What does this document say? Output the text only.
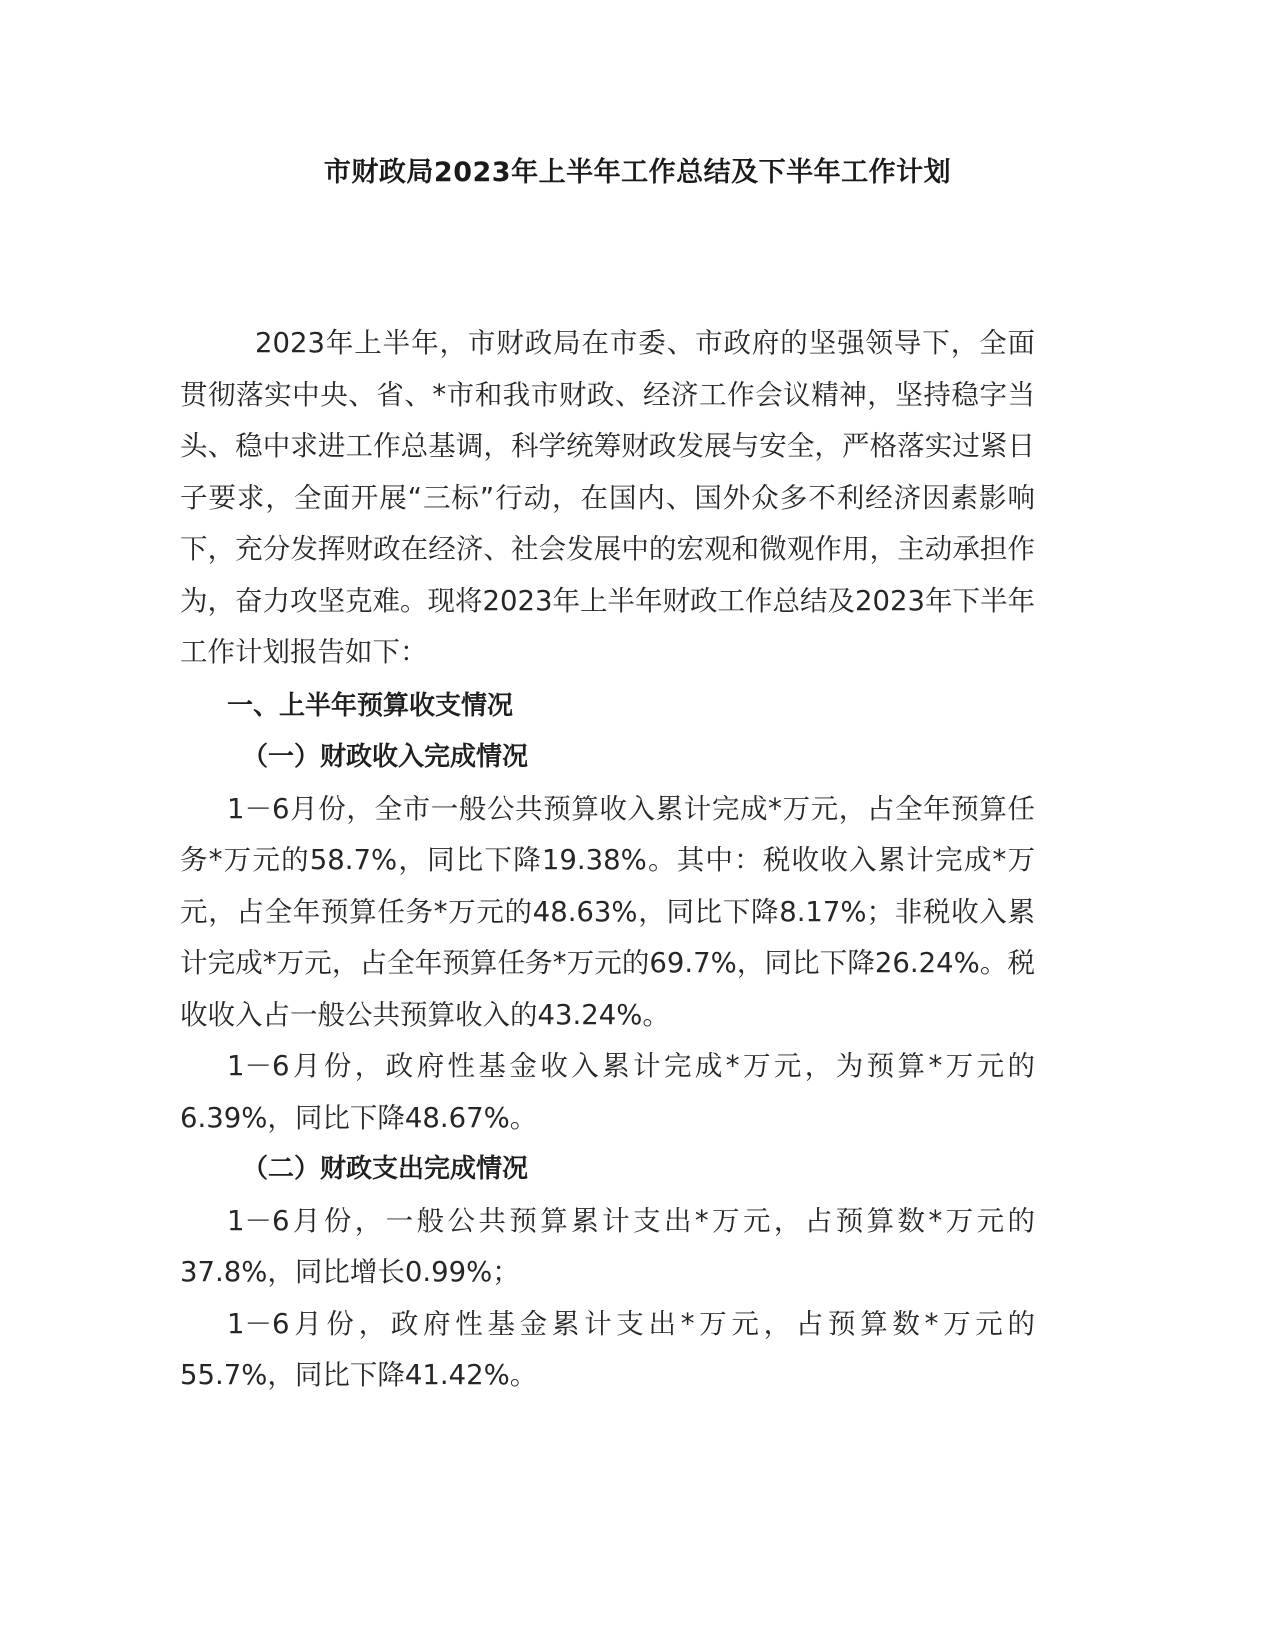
市财政局2023年上半年工作总结及下半年工作计划

2023年上半年，市财政局在市委、市政府的坚强领导下，全面贯彻落实中央、省、*市和我市财政、经济工作会议精神，坚持稳字当头、稳中求进工作总基调，科学统筹财政发展与安全，严格落实过紧日子要求，全面开展“三标”行动，在国内、国外众多不利经济因素影响下，充分发挥财政在经济、社会发展中的宏观和微观作用，主动承担作为，奋力攻坚克难。现将2023年上半年财政工作总结及2023年下半年工作计划报告如下：

一、上半年预算收支情况

（一）财政收入完成情况

1－6月份，全市一般公共预算收入累计完成*万元，占全年预算任务*万元的58.7%，同比下降19.38%。其中：税收收入累计完成*万元，占全年预算任务*万元的48.63%，同比下降8.17%；非税收入累计完成*万元，占全年预算任务*万元的69.7%，同比下降26.24%。税收收入占一般公共预算收入的43.24%。

1－6月份，政府性基金收入累计完成*万元，为预算*万元的6.39%，同比下降48.67%。

（二）财政支出完成情况

1－6月份，一般公共预算累计支出*万元，占预算数*万元的37.8%，同比增长0.99%；

1－6月份，政府性基金累计支出*万元，占预算数*万元的55.7%，同比下降41.42%。
